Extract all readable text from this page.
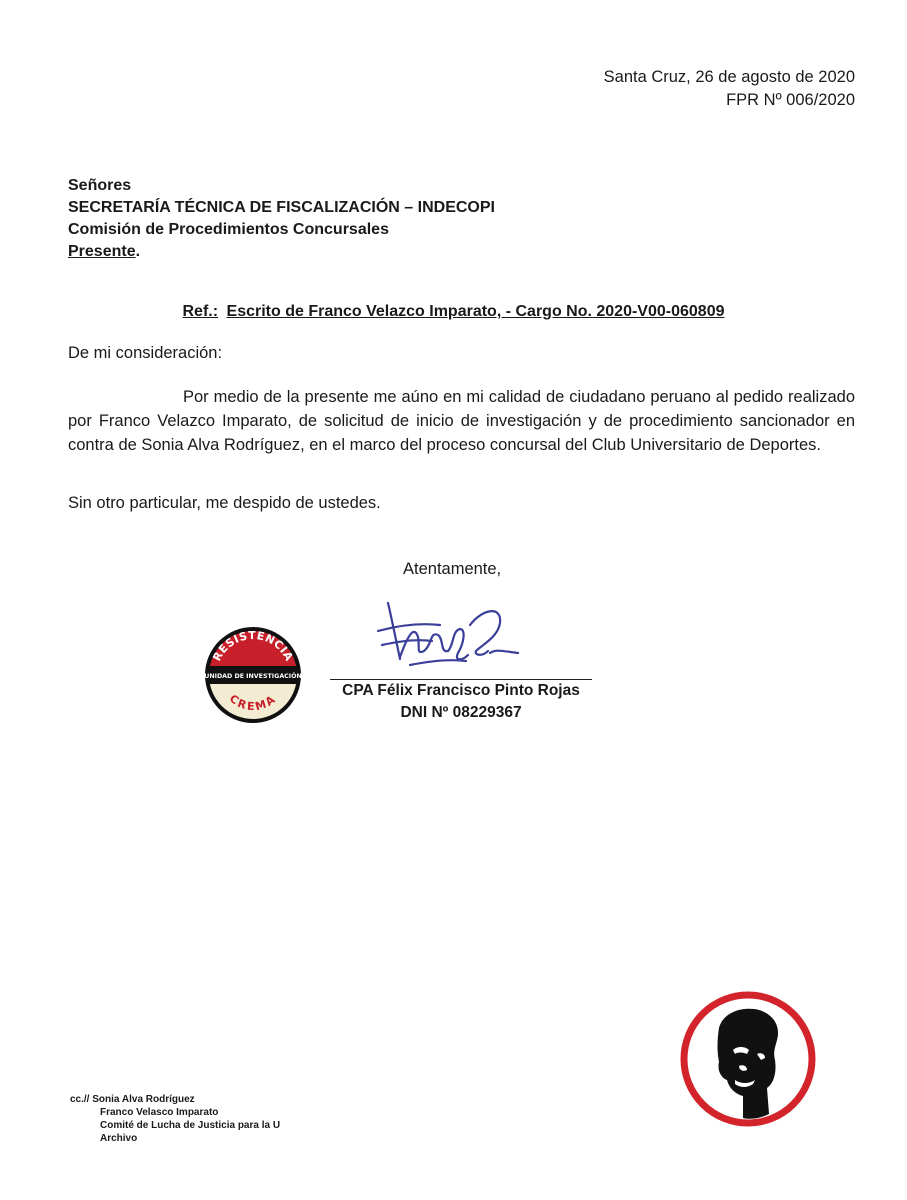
Santa Cruz, 26 de agosto de 2020
FPR Nº 006/2020
Señores
SECRETARÍA TÉCNICA DE FISCALIZACIÓN – INDECOPI
Comisión de Procedimientos Concursales
Presente.
Ref.: Escrito de Franco Velazco Imparato, - Cargo No. 2020-V00-060809
De mi consideración:
Por medio de la presente me aúno en mi calidad de ciudadano peruano al pedido realizado por Franco Velazco Imparato, de solicitud de inicio de investigación y de procedimiento sancionador en contra de Sonia Alva Rodríguez, en el marco del proceso concursal del Club Universitario de Deportes.
Sin otro particular, me despido de ustedes.
Atentamente,
CPA Félix Francisco Pinto Rojas
DNI Nº 08229367
RESISTENCIA
UNIDAD DE INVESTIGACIÓN
CREMA
cc.// Sonia Alva Rodríguez
Franco Velasco Imparato
Comité de Lucha de Justicia para la U
Archivo
